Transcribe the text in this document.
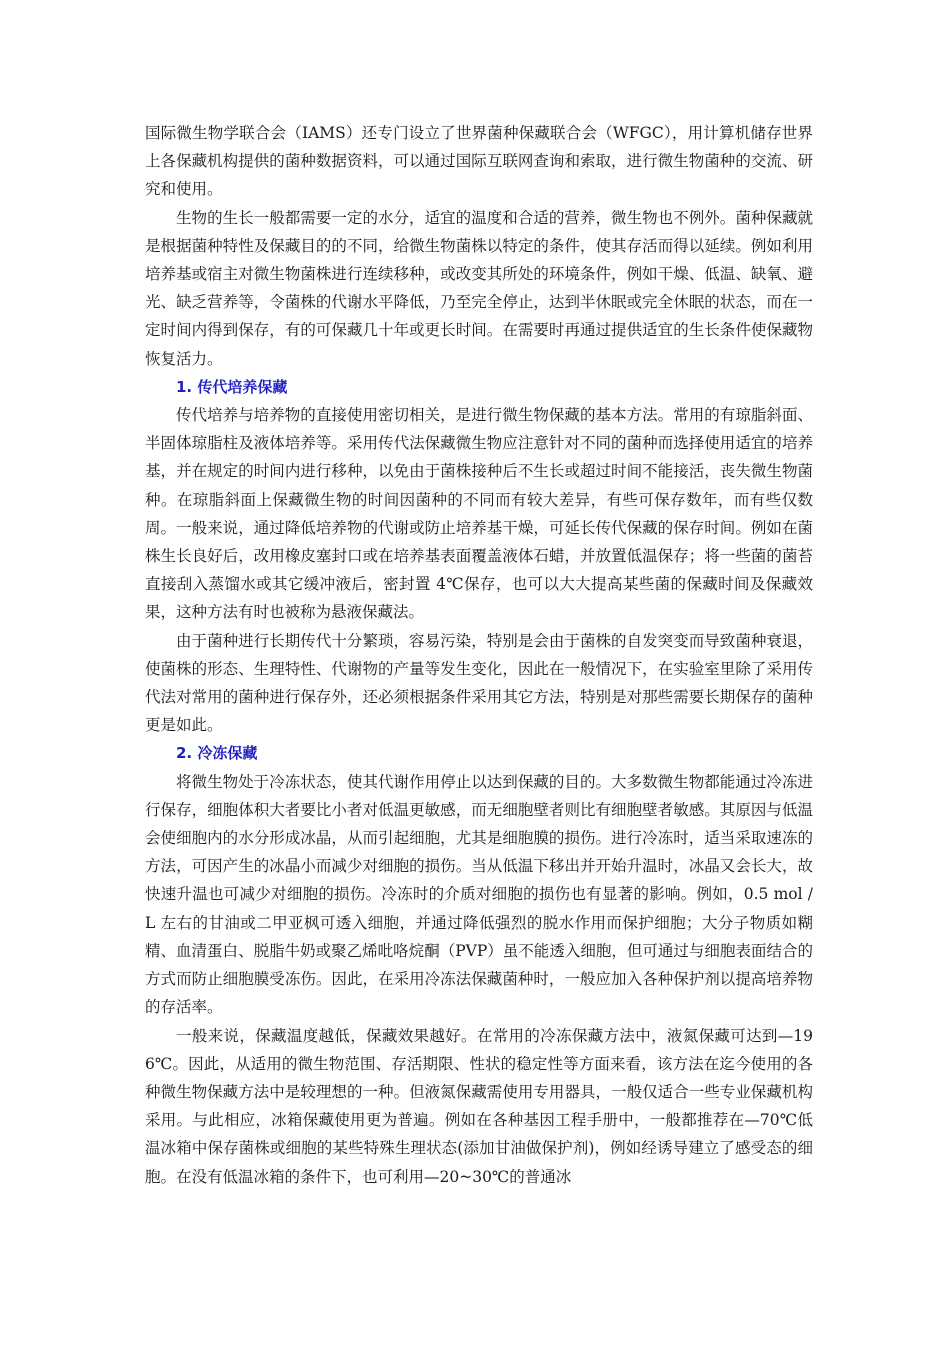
国际微生物学联合会（IAMS）还专门设立了世界菌种保藏联合会（WFGC），用计算机储存世界上各保藏机构提供的菌种数据资料，可以通过国际互联网查询和索取，进行微生物菌种的交流、研究和使用。

生物的生长一般都需要一定的水分，适宜的温度和合适的营养，微生物也不例外。菌种保藏就是根据菌种特性及保藏目的的不同，给微生物菌株以特定的条件，使其存活而得以延续。例如利用培养基或宿主对微生物菌株进行连续移种，或改变其所处的环境条件，例如干燥、低温、缺氧、避光、缺乏营养等，令菌株的代谢水平降低，乃至完全停止，达到半休眠或完全休眠的状态，而在一定时间内得到保存，有的可保藏几十年或更长时间。在需要时再通过提供适宜的生长条件使保藏物恢复活力。

1. 传代培养保藏

传代培养与培养物的直接使用密切相关，是进行微生物保藏的基本方法。常用的有琼脂斜面、半固体琼脂柱及液体培养等。采用传代法保藏微生物应注意针对不同的菌种而选择使用适宜的培养基，并在规定的时间内进行移种，以免由于菌株接种后不生长或超过时间不能接活，丧失微生物菌种。在琼脂斜面上保藏微生物的时间因菌种的不同而有较大差异，有些可保存数年，而有些仅数周。一般来说，通过降低培养物的代谢或防止培养基干燥，可延长传代保藏的保存时间。例如在菌株生长良好后，改用橡皮塞封口或在培养基表面覆盖液体石蜡，并放置低温保存；将一些菌的菌苔直接刮入蒸馏水或其它缓冲液后，密封置 4℃保存，也可以大大提高某些菌的保藏时间及保藏效果，这种方法有时也被称为悬液保藏法。

由于菌种进行长期传代十分繁琐，容易污染，特别是会由于菌株的自发突变而导致菌种衰退，使菌株的形态、生理特性、代谢物的产量等发生变化，因此在一般情况下，在实验室里除了采用传代法对常用的菌种进行保存外，还必须根据条件采用其它方法，特别是对那些需要长期保存的菌种更是如此。

2. 冷冻保藏

将微生物处于冷冻状态，使其代谢作用停止以达到保藏的目的。大多数微生物都能通过冷冻进行保存，细胞体积大者要比小者对低温更敏感，而无细胞壁者则比有细胞壁者敏感。其原因与低温会使细胞内的水分形成冰晶，从而引起细胞，尤其是细胞膜的损伤。进行冷冻时，适当采取速冻的方法，可因产生的冰晶小而减少对细胞的损伤。当从低温下移出并开始升温时，冰晶又会长大，故快速升温也可减少对细胞的损伤。冷冻时的介质对细胞的损伤也有显著的影响。例如，0.5 mol / L 左右的甘油或二甲亚枫可透入细胞，并通过降低强烈的脱水作用而保护细胞；大分子物质如糊精、血清蛋白、脱脂牛奶或聚乙烯吡咯烷酮（PVP）虽不能透入细胞，但可通过与细胞表面结合的方式而防止细胞膜受冻伤。因此，在采用冷冻法保藏菌种时，一般应加入各种保护剂以提高培养物的存活率。

一般来说，保藏温度越低，保藏效果越好。在常用的冷冻保藏方法中，液氮保藏可达到—196℃。因此，从适用的微生物范围、存活期限、性状的稳定性等方面来看，该方法在迄今使用的各种微生物保藏方法中是较理想的一种。但液氮保藏需使用专用器具，一般仅适合一些专业保藏机构采用。与此相应，冰箱保藏使用更为普遍。例如在各种基因工程手册中，一般都推荐在—70℃低温冰箱中保存菌株或细胞的某些特殊生理状态(添加甘油做保护剂)，例如经诱导建立了感受态的细胞。在没有低温冰箱的条件下，也可利用—20~30℃的普通冰
